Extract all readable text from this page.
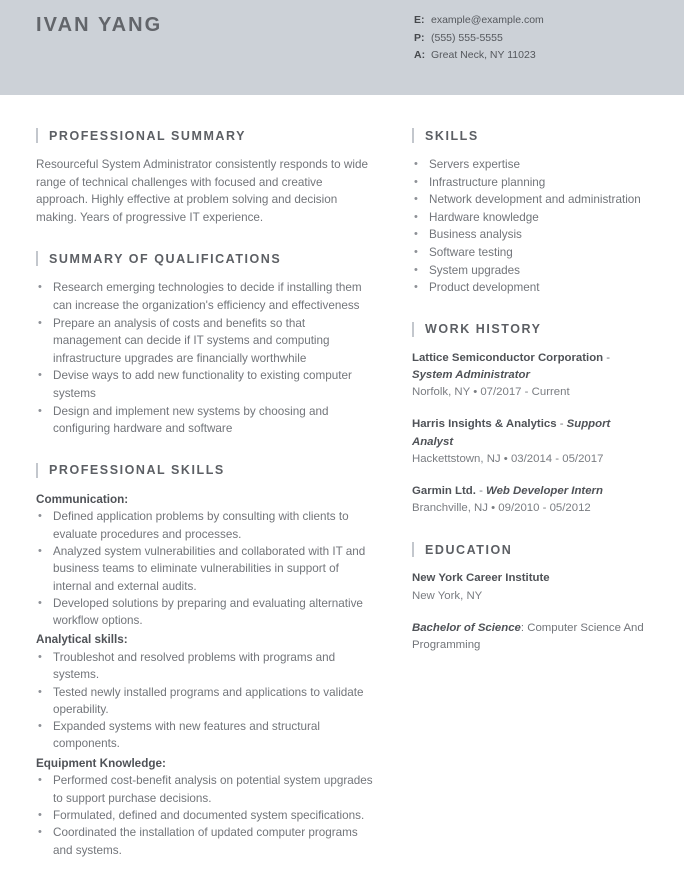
IVAN YANG	E: example@example.com
P: (555) 555-5555
A: Great Neck, NY 11023
PROFESSIONAL SUMMARY
Resourceful System Administrator consistently responds to wide range of technical challenges with focused and creative approach. Highly effective at problem solving and decision making. Years of progressive IT experience.
SUMMARY OF QUALIFICATIONS
• Research emerging technologies to decide if installing them can increase the organization's efficiency and effectiveness
• Prepare an analysis of costs and benefits so that management can decide if IT systems and computing infrastructure upgrades are financially worthwhile
• Devise ways to add new functionality to existing computer systems
• Design and implement new systems by choosing and configuring hardware and software
PROFESSIONAL SKILLS
Communication:
• Defined application problems by consulting with clients to evaluate procedures and processes.
• Analyzed system vulnerabilities and collaborated with IT and business teams to eliminate vulnerabilities in support of internal and external audits.
• Developed solutions by preparing and evaluating alternative workflow options.
Analytical skills:
• Troubleshot and resolved problems with programs and systems.
• Tested newly installed programs and applications to validate operability.
• Expanded systems with new features and structural components.
Equipment Knowledge:
• Performed cost-benefit analysis on potential system upgrades to support purchase decisions.
• Formulated, defined and documented system specifications.
• Coordinated the installation of updated computer programs and systems.
SKILLS
• Servers expertise
• Infrastructure planning
• Network development and administration
• Hardware knowledge
• Business analysis
• Software testing
• System upgrades
• Product development
WORK HISTORY
Lattice Semiconductor Corporation - System Administrator
Norfolk, NY • 07/2017 - Current
Harris Insights & Analytics - Support Analyst
Hackettstown, NJ • 03/2014 - 05/2017
Garmin Ltd. - Web Developer Intern
Branchville, NJ • 09/2010 - 05/2012
EDUCATION
New York Career Institute
New York, NY
Bachelor of Science: Computer Science And Programming
